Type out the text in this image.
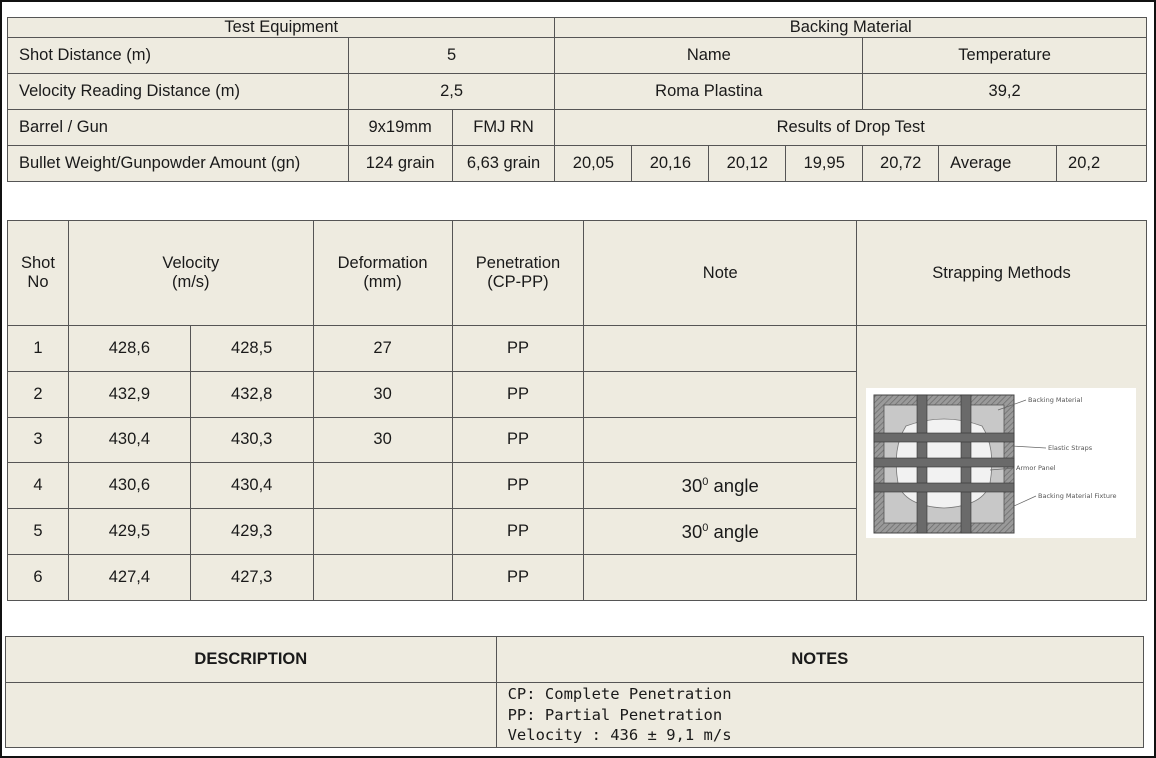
Test Equipment			Backing Material						
Shot Distance (m)	5		Name				Temperature		
Velocity Reading Distance (m)	2,5		Roma Plastina				39,2		
Barrel / Gun	9x19mm	FMJ RN	Results of Drop Test						
Bullet Weight/Gunpowder Amount (gn)	124 grain	6,63 grain	20,05	20,16	20,12	19,95	20,72	Average	20,2
Shot No	Velocity (m/s)		Deformation (mm)	Penetration (CP-PP)	Note	Strapping Methods
1	428,6	428,5	27	PP		Backing Material
Elastic Straps
Armor Panel
Backing Material Fixture

2	432,9	432,8	30	PP		
3	430,4	430,3	30	PP		
4	430,6	430,4		PP	$30^0$ angle	
5	429,5	429,3		PP	$30^0$ angle	
6	427,4	427,3		PP		
DESCRIPTION	NOTES

	CP: Complete Penetration
PP: Partial Penetration
Velocity : 436 ± 9,1 m/s
